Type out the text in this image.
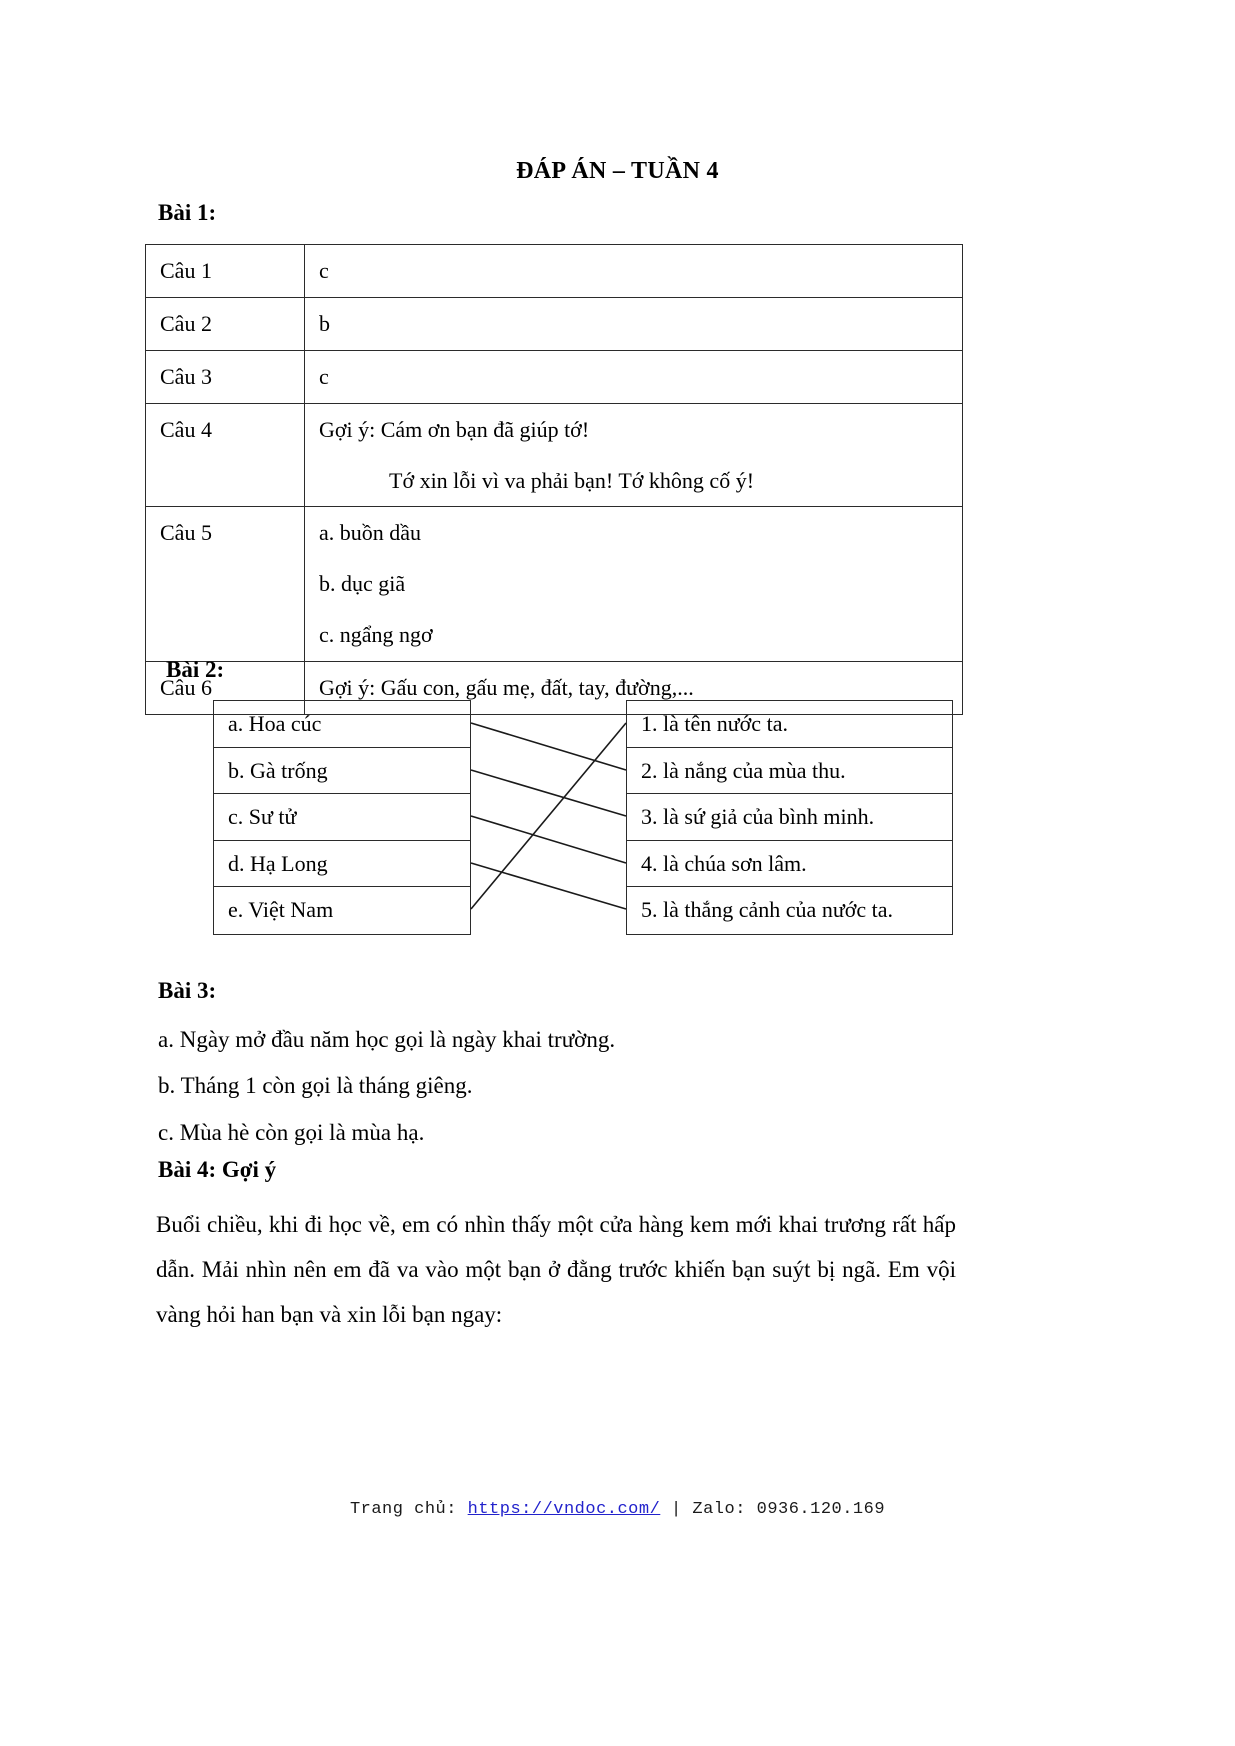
ĐÁP ÁN – TUẦN 4
Bài 1:
Câu 1	c
Câu 2	b
Câu 3	c
Câu 4	Gợi ý: Cám ơn bạn đã giúp tớ!
Tớ xin lỗi vì va phải bạn! Tớ không cố ý!

Câu 5	a. buồn dầu
b. dục giã
c. ngẩng ngơ

Câu 6	Gợi ý: Gấu con, gấu mẹ, đất, tay, đường,...
Bài 2:
a. Hoa cúc
b. Gà trống
c. Sư tử
d. Hạ Long
e. Việt Nam
1. là tên nước ta.
2. là nắng của mùa thu.
3. là sứ giả của bình minh.
4. là chúa sơn lâm.
5. là thắng cảnh của nước ta.
Bài 3:
a. Ngày mở đầu năm học gọi là ngày khai trường.
b. Tháng 1 còn gọi là tháng giêng.
c. Mùa hè còn gọi là mùa hạ.
Bài 4: Gợi ý
Buổi chiều, khi đi học về, em có nhìn thấy một cửa hàng kem mới khai trương rất hấp dẫn. Mải nhìn nên em đã va vào một bạn ở đằng trước khiến bạn suýt bị ngã. Em vội vàng hỏi han bạn và xin lỗi bạn ngay:
Trang chủ: https://vndoc.com/ | Zalo: 0936.120.169
